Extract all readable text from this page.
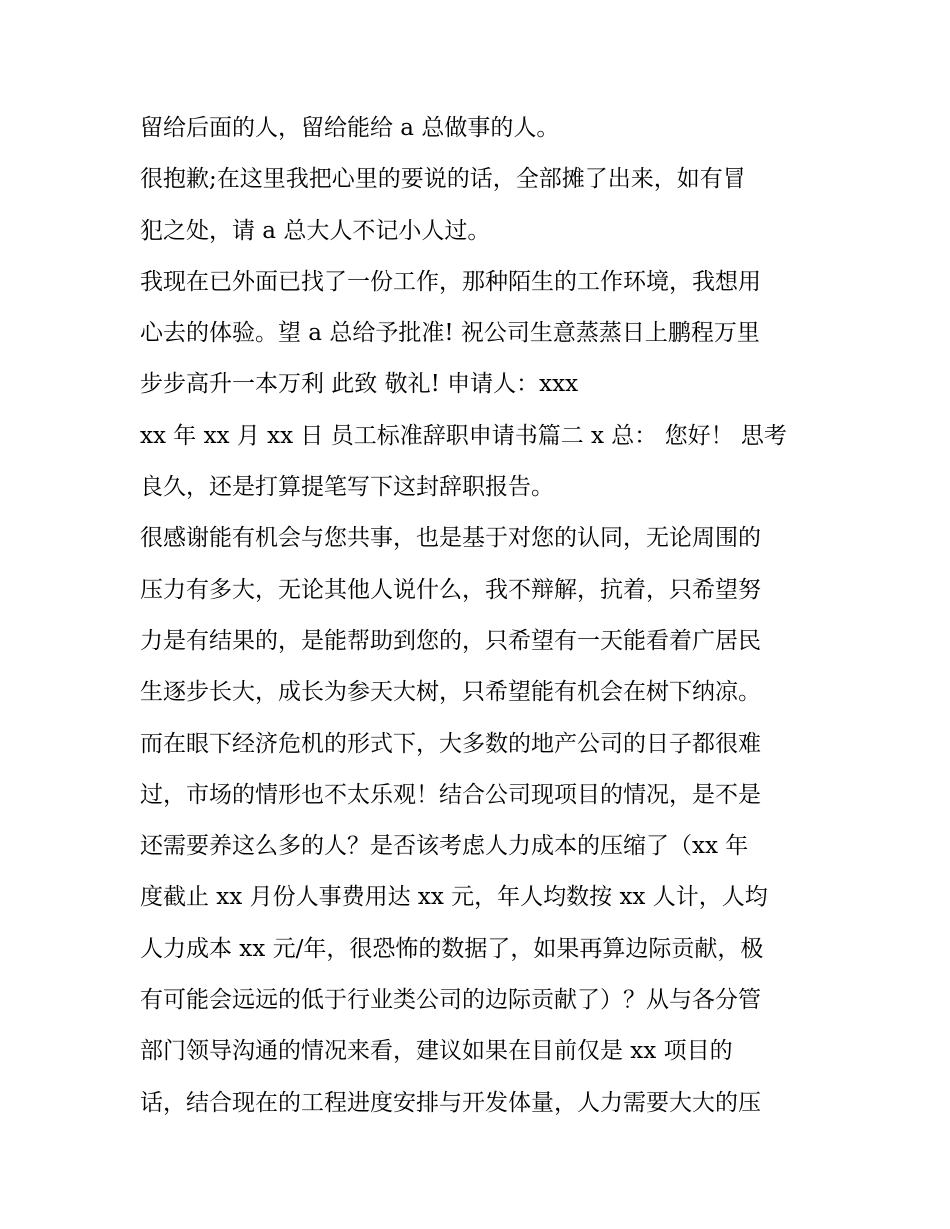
留给后面的人，留给能给 a 总做事的人。
很抱歉;在这里我把心里的要说的话，全部摊了出来，如有冒
犯之处，请 a 总大人不记小人过。
我现在已外面已找了一份工作，那种陌生的工作环境，我想用
心去的体验。望 a 总给予批准! 祝公司生意蒸蒸日上鹏程万里
步步高升一本万利 此致 敬礼! 申请人：xxx
xx 年 xx 月 xx 日 员工标准辞职申请书篇二 x 总： 您好！ 思考
良久，还是打算提笔写下这封辞职报告。
很感谢能有机会与您共事，也是基于对您的认同，无论周围的
压力有多大，无论其他人说什么，我不辩解，抗着，只希望努
力是有结果的，是能帮助到您的，只希望有一天能看着广居民
生逐步长大，成长为参天大树，只希望能有机会在树下纳凉。
而在眼下经济危机的形式下，大多数的地产公司的日子都很难
过，市场的情形也不太乐观！结合公司现项目的情况，是不是
还需要养这么多的人？是否该考虑人力成本的压缩了（xx 年
度截止 xx 月份人事费用达 xx 元，年人均数按 xx 人计，人均
人力成本 xx 元/年，很恐怖的数据了，如果再算边际贡献，极
有可能会远远的低于行业类公司的边际贡献了）？从与各分管
部门领导沟通的情况来看，建议如果在目前仅是 xx 项目的
话，结合现在的工程进度安排与开发体量，人力需要大大的压
